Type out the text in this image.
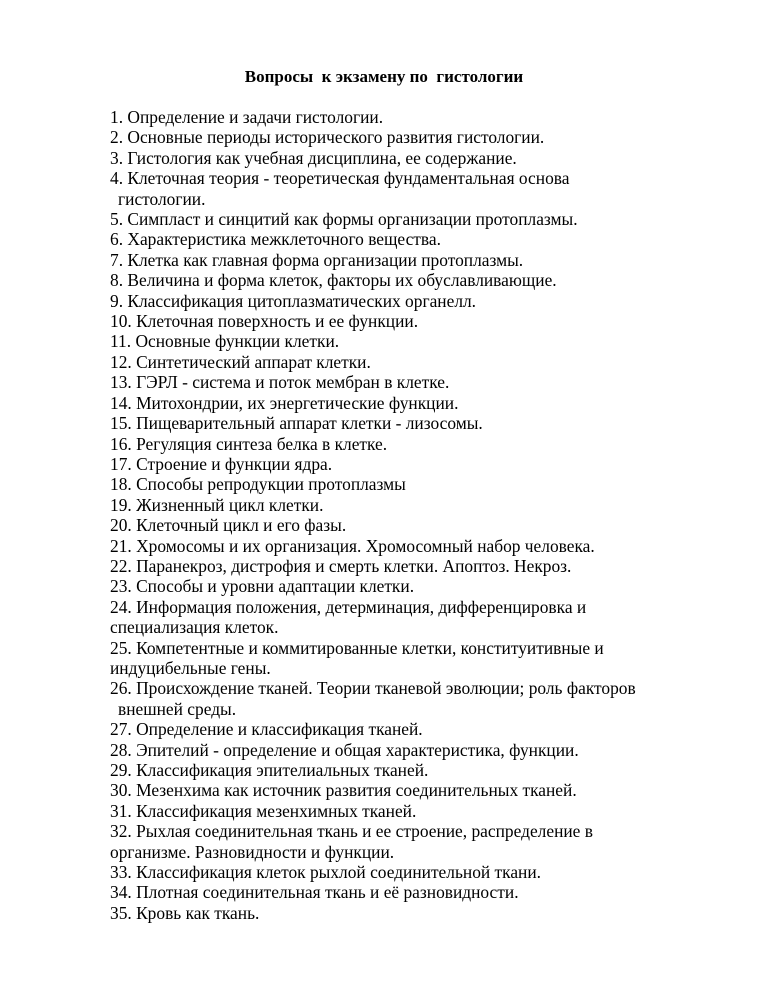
Вопросы  к экзамену по  гистологии
1. Определение и задачи гистологии.
2. Основные периоды исторического развития гистологии.
3. Гистология как учебная дисциплина, ее содержание.
4. Клеточная теория - теоретическая фундаментальная основа
гистологии.
5. Симпласт и синцитий как формы организации протоплазмы.
6. Характеристика межклеточного вещества.
7. Клетка как главная форма организации протоплазмы.
8. Величина и форма клеток, факторы их обуславливающие.
9. Классификация цитоплазматических органелл.
10. Клеточная поверхность и ее функции.
11. Основные функции клетки.
12. Синтетический аппарат клетки.
13. ГЭРЛ - система и поток мембран в клетке.
14. Митохондрии, их энергетические функции.
15. Пищеварительный аппарат клетки - лизосомы.
16. Регуляция синтеза белка в клетке.
17. Строение и функции ядра.
18. Способы репродукции протоплазмы
19. Жизненный цикл клетки.
20. Клеточный цикл и его фазы.
21. Хромосомы и их организация. Хромосомный набор человека.
22. Паранекроз, дистрофия и смерть клетки. Апоптоз. Некроз.
23. Способы и уровни адаптации клетки.
24. Информация положения, детерминация, дифференцировка и
специализация клеток.
25. Компетентные и коммитированные клетки, конституитивные и
индуцибельные гены.
26. Происхождение тканей. Теории тканевой эволюции; роль факторов
внешней среды.
27. Определение и классификация тканей.
28. Эпителий - определение и общая характеристика, функции.
29. Классификация эпителиальных тканей.
30. Мезенхима как источник развития соединительных тканей.
31. Классификация мезенхимных тканей.
32. Рыхлая соединительная ткань и ее строение, распределение в
организме. Разновидности и функции.
33. Классификация клеток рыхлой соединительной ткани.
34. Плотная соединительная ткань и её разновидности.
35. Кровь как ткань.
